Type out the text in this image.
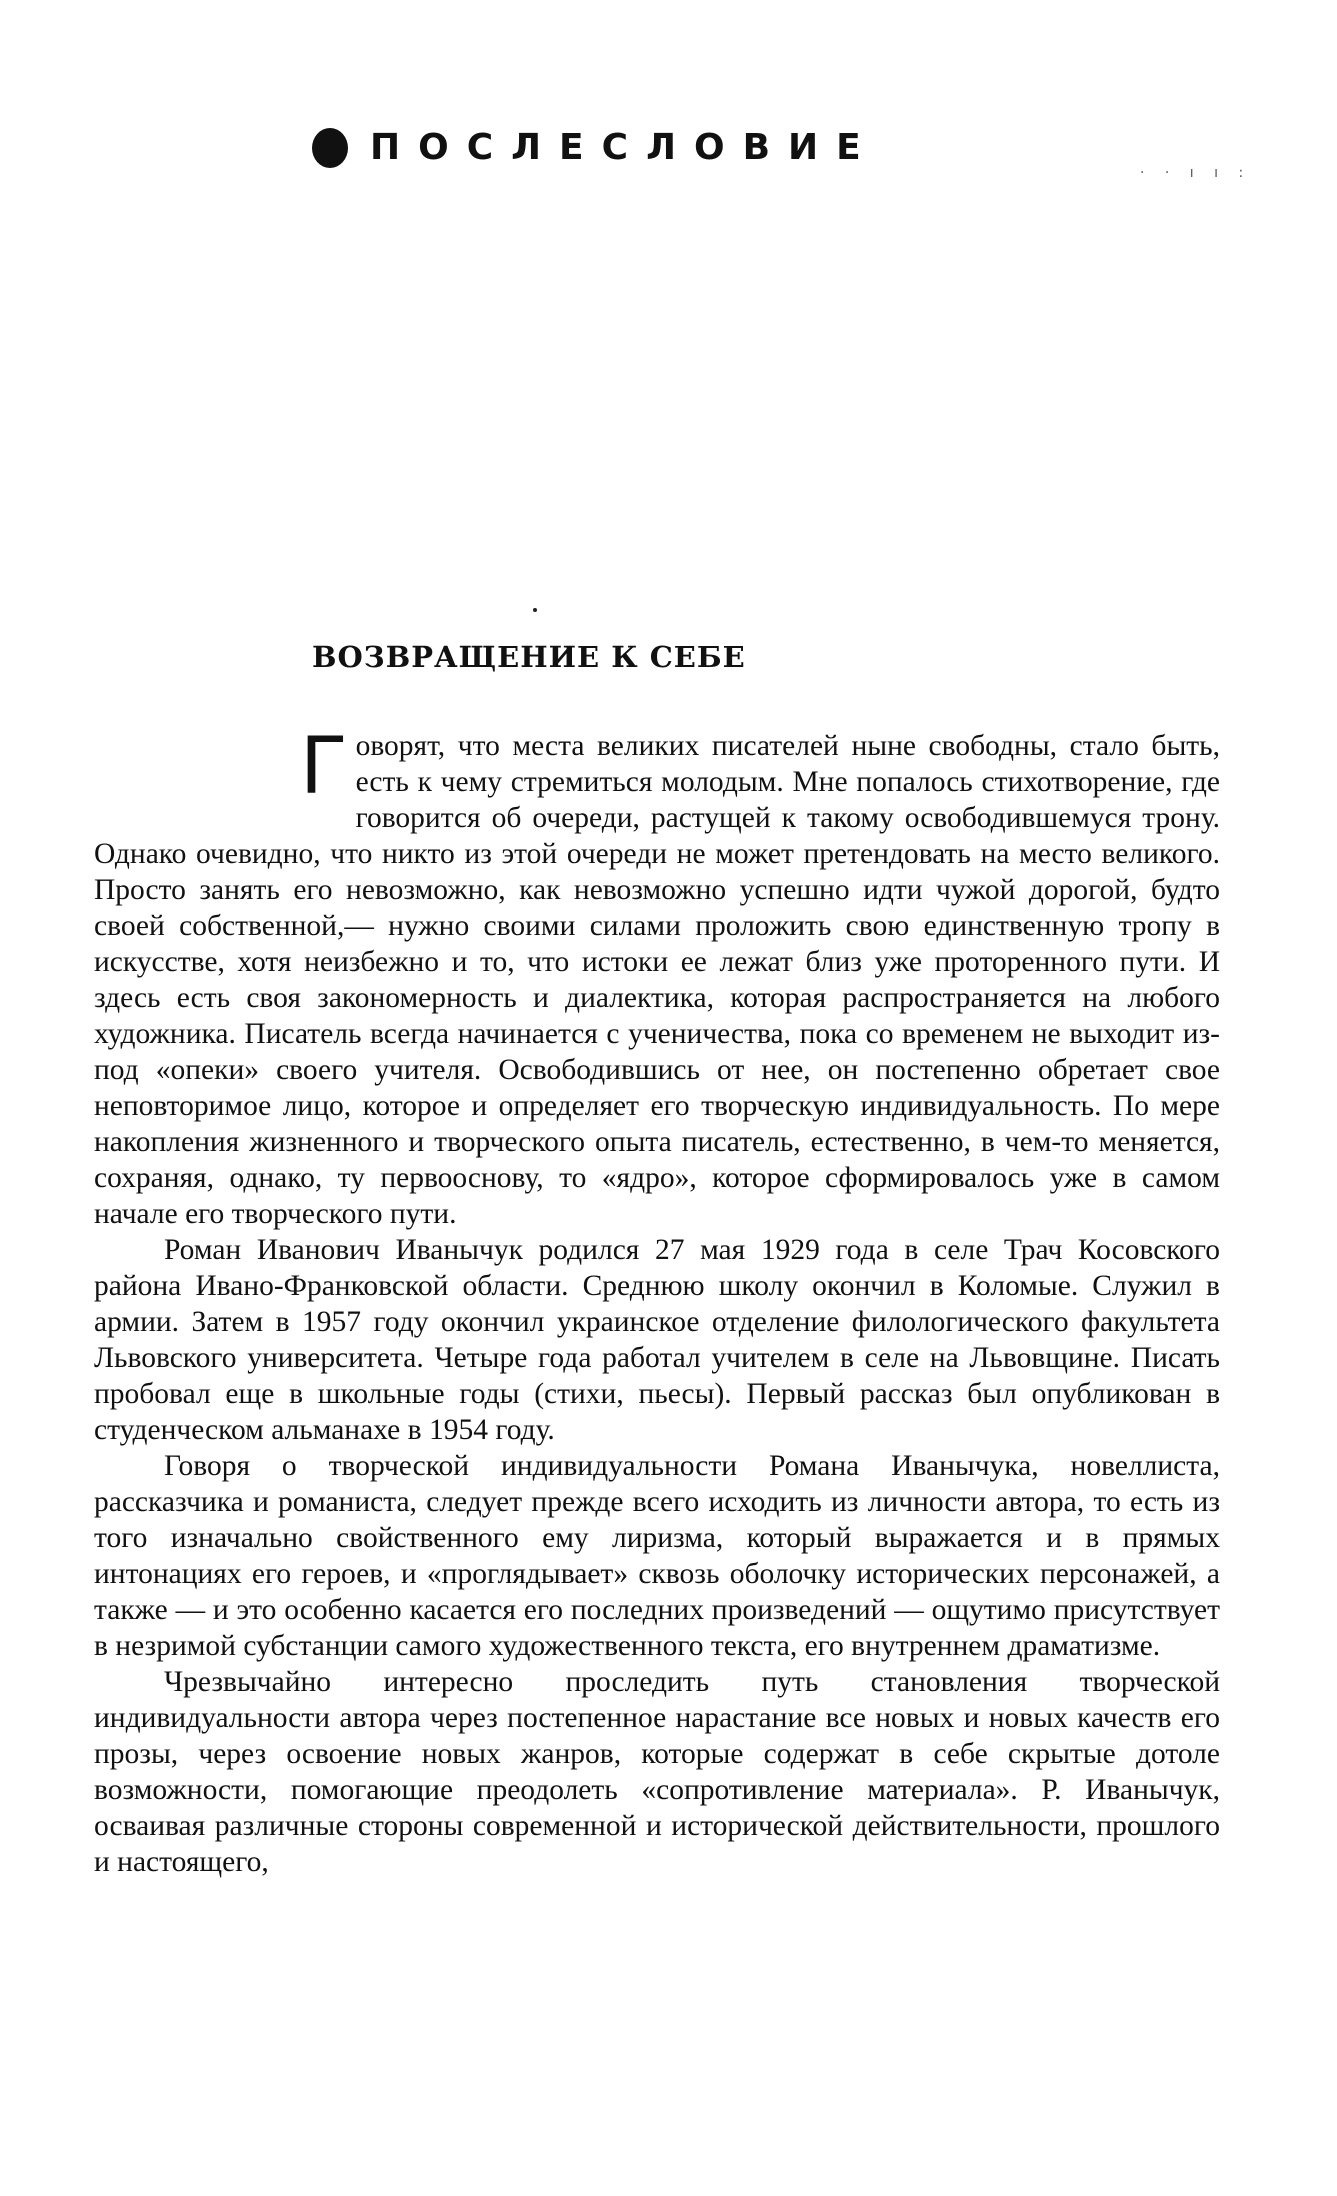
ПОСЛЕСЛОВИЕ
· · ı ı :
ВОЗВРАЩЕНИЕ К СЕБЕ

Говорят, что места великих писателей ныне свободны, стало быть, есть к чему стремиться молодым. Мне попалось стихотворение, где говорится об очереди, растущей к такому освободившемуся трону. Однако очевидно, что никто из этой очереди не может претендовать на место великого. Просто занять его невозможно, как невозможно успешно идти чужой дорогой, будто своей собственной,— нужно своими силами проложить свою единственную тропу в искусстве, хотя неизбежно и то, что истоки ее лежат близ уже проторенного пути. И здесь есть своя закономерность и диалектика, которая распространяется на любого художника. Писатель всегда начинается с ученичества, пока со временем не выходит из-под «опеки» своего учителя. Освободившись от нее, он постепенно обретает свое неповторимое лицо, которое и определяет его творческую индивидуальность. По мере накопления жизненного и творческого опыта писатель, естественно, в чем-то меняется, сохраняя, однако, ту первооснову, то «ядро», которое сформировалось уже в самом начале его творческого пути.

Роман Иванович Иванычук родился 27 мая 1929 года в селе Трач Косовского района Ивано-Франковской области. Среднюю школу окончил в Коломые. Служил в армии. Затем в 1957 году окончил украинское отделение филологического факультета Львовского университета. Четыре года работал учителем в селе на Львовщине. Писать пробовал еще в школьные годы (стихи, пьесы). Первый рассказ был опубликован в студенческом альманахе в 1954 году.

Говоря о творческой индивидуальности Романа Иванычука, новеллиста, рассказчика и романиста, следует прежде всего исходить из личности автора, то есть из того изначально свойственного ему лиризма, который выражается и в прямых интонациях его героев, и «проглядывает» сквозь оболочку исторических персонажей, а также — и это особенно касается его последних произведений — ощутимо присутствует в незримой субстанции самого художественного текста, его внутреннем драматизме.

Чрезвычайно интересно проследить путь становления творческой индивидуальности автора через постепенное нарастание все новых и новых качеств его прозы, через освоение новых жанров, которые содержат в себе скрытые дотоле возможности, помогающие преодолеть «сопротивление материала». Р. Иванычук, осваивая различные стороны современной и исторической действительности, прошлого и настоящего,
